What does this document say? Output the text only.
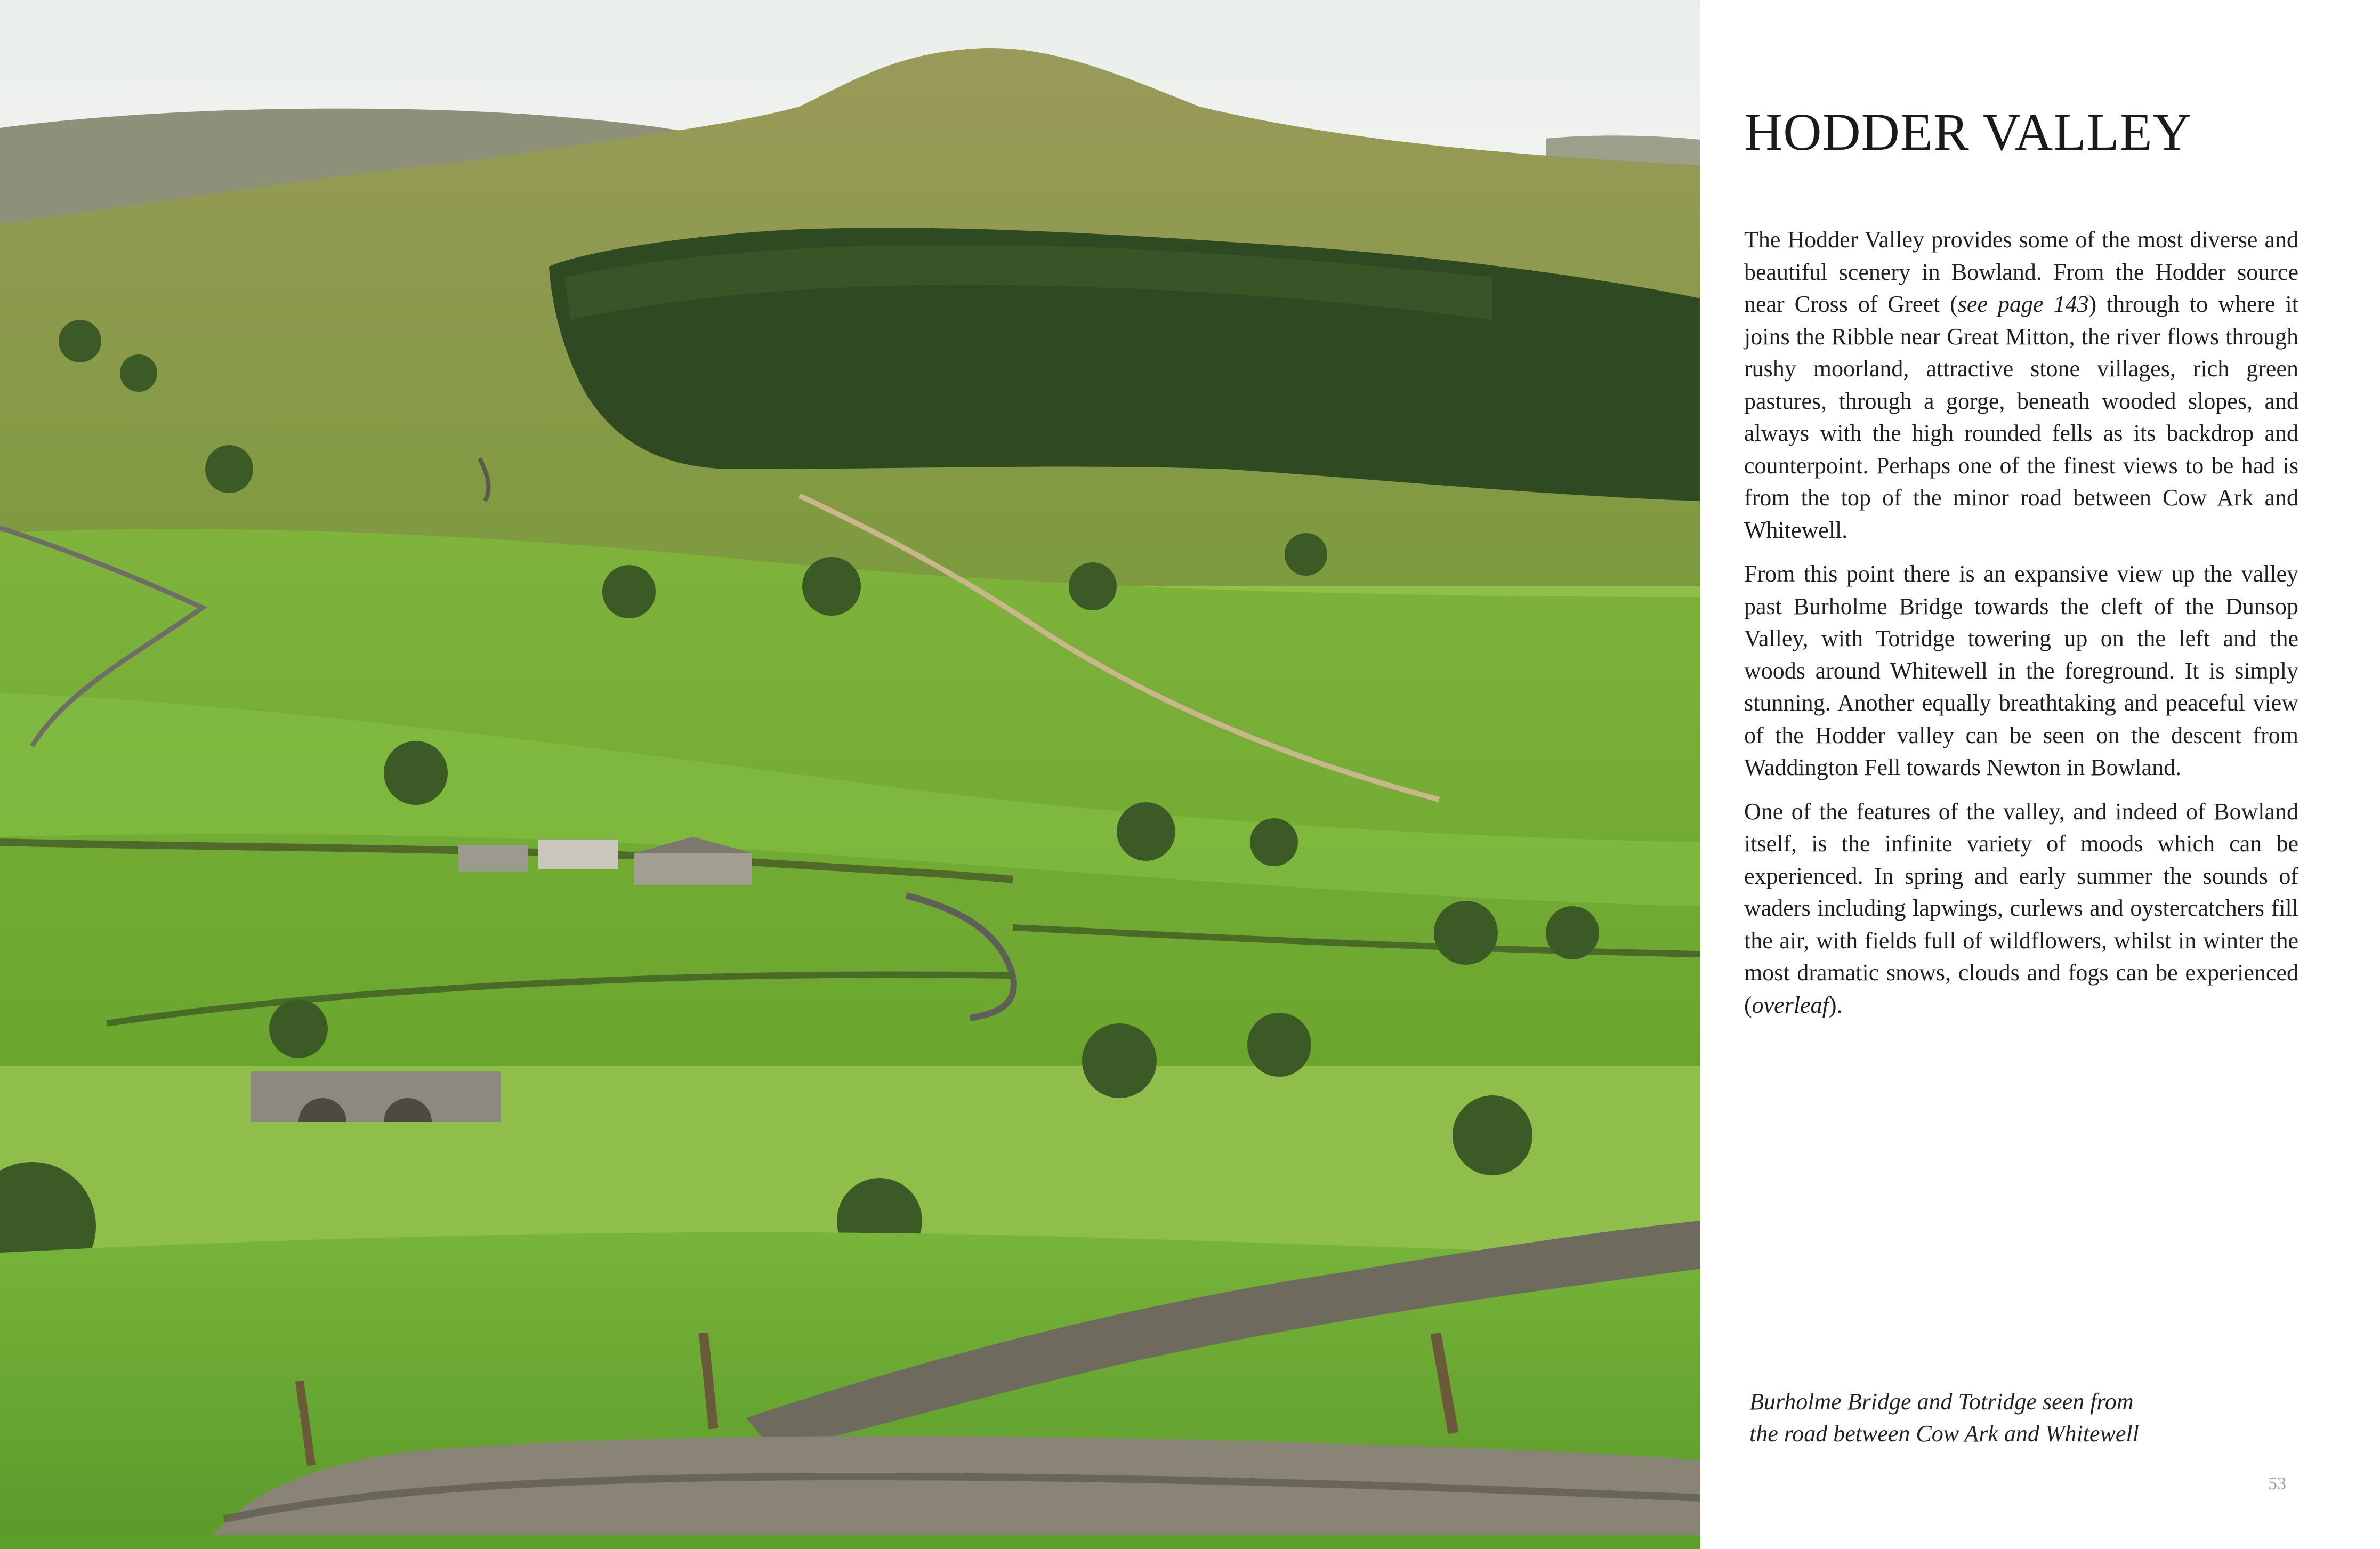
HODDER VALLEY

The Hodder Valley provides some of the most diverse and beautiful scenery in Bowland. From the Hodder source near Cross of Greet (see page 143) through to where it joins the Ribble near Great Mitton, the river flows through rushy moorland, attractive stone villages, rich green pastures, through a gorge, beneath wooded slopes, and always with the high rounded fells as its backdrop and counterpoint. Perhaps one of the finest views to be had is from the top of the minor road between Cow Ark and Whitewell.

From this point there is an expansive view up the valley past Burholme Bridge towards the cleft of the Dunsop Valley, with Totridge towering up on the left and the woods around Whitewell in the foreground. It is simply stunning. Another equally breathtaking and peaceful view of the Hodder valley can be seen on the descent from Waddington Fell towards Newton in Bowland.

One of the features of the valley, and indeed of Bowland itself, is the infinite variety of moods which can be experienced. In spring and early summer the sounds of waders including lapwings, curlews and oystercatchers fill the air, with fields full of wildflowers, whilst in winter the most dramatic snows, clouds and fogs can be experienced (overleaf).

Burholme Bridge and Totridge seen from
the road between Cow Ark and Whitewell
53
